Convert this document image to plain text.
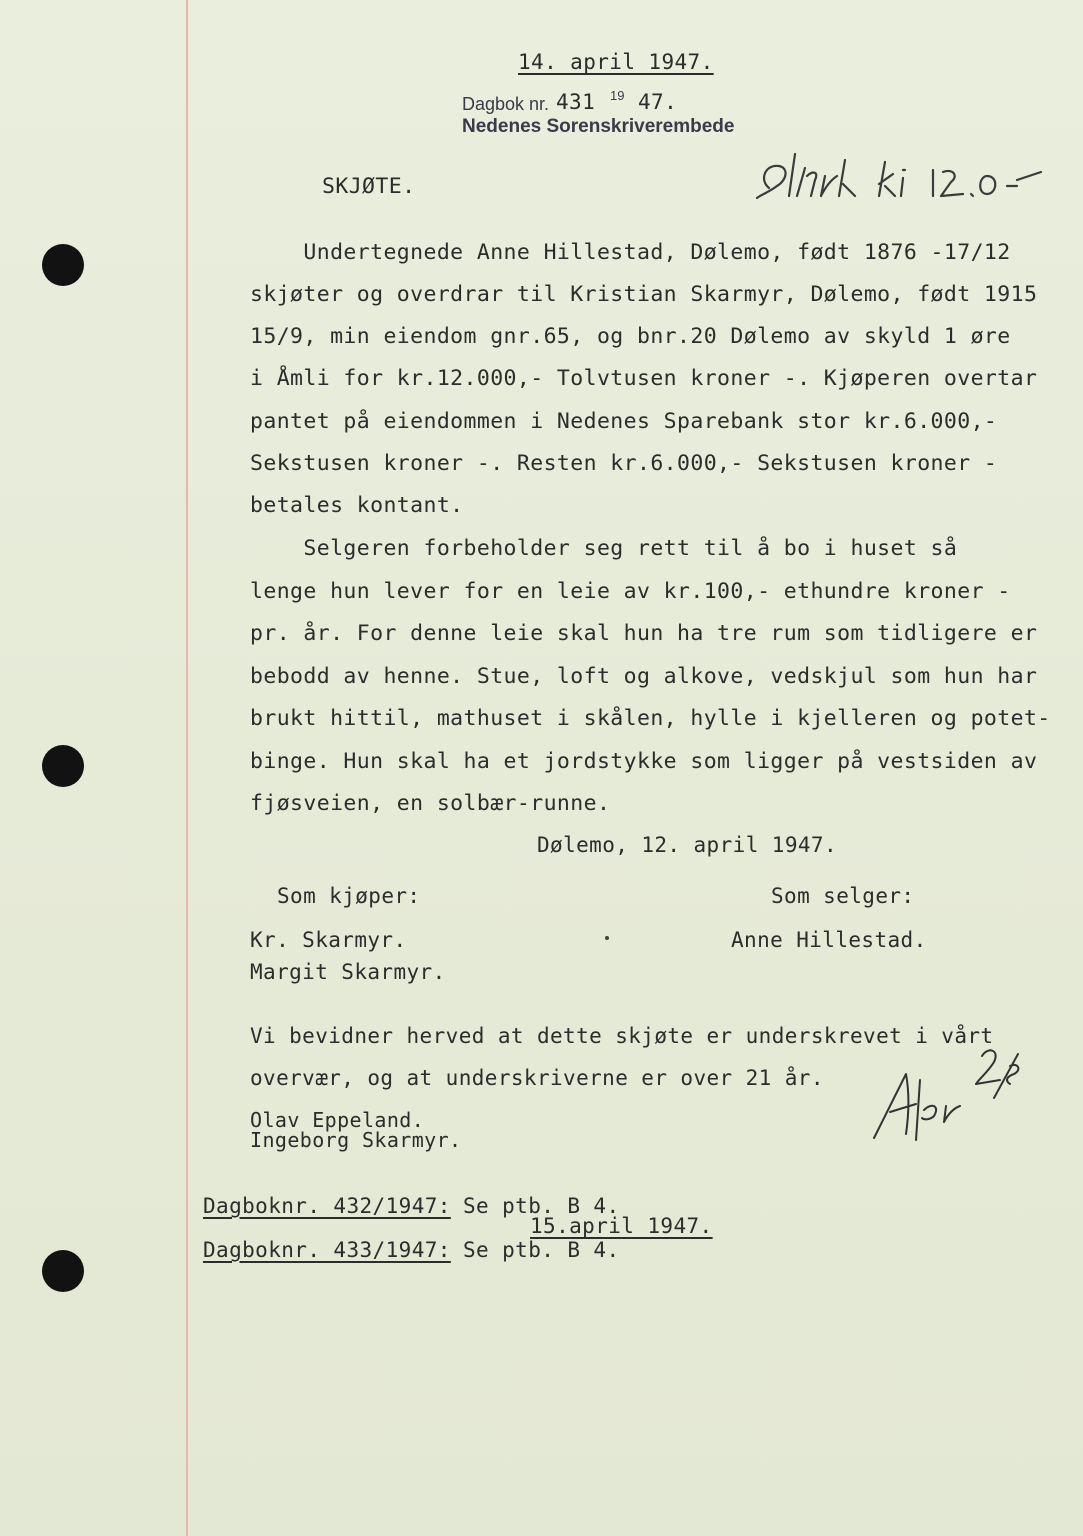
14. april 1947.
Dagbok nr. 431 19 47.
Nedenes Sorenskriverembede
SKJØTE.
Undertegnede Anne Hillestad, Dølemo, født 1876 -17/12
skjøter og overdrar til Kristian Skarmyr, Dølemo, født 1915
15/9, min eiendom gnr.65, og bnr.20 Dølemo av skyld 1 øre
i Åmli for kr.12.000,- Tolvtusen kroner -. Kjøperen overtar
pantet på eiendommen i Nedenes Sparebank stor kr.6.000,-
Sekstusen kroner -. Resten kr.6.000,- Sekstusen kroner -
betales kontant.
Selgeren forbeholder seg rett til å bo i huset så
lenge hun lever for en leie av kr.100,- ethundre kroner -
pr. år. For denne leie skal hun ha tre rum som tidligere er
bebodd av henne. Stue, loft og alkove, vedskjul som hun har
brukt hittil, mathuset i skålen, hylle i kjelleren og potet-
binge. Hun skal ha et jordstykke som ligger på vestsiden av
fjøsveien, en solbær-runne.
Dølemo, 12. april 1947.
Som kjøper:	Som selger:
Kr. Skarmyr.	Anne Hillestad.
Margit Skarmyr.
Vi bevidner herved at dette skjøte er underskrevet i vårt
overvær, og at underskriverne er over 21 år.
Olav Eppeland.
Ingeborg Skarmyr.
Dagboknr. 432/1947: Se ptb. B 4.
15.april 1947.
Dagboknr. 433/1947: Se ptb. B 4.
